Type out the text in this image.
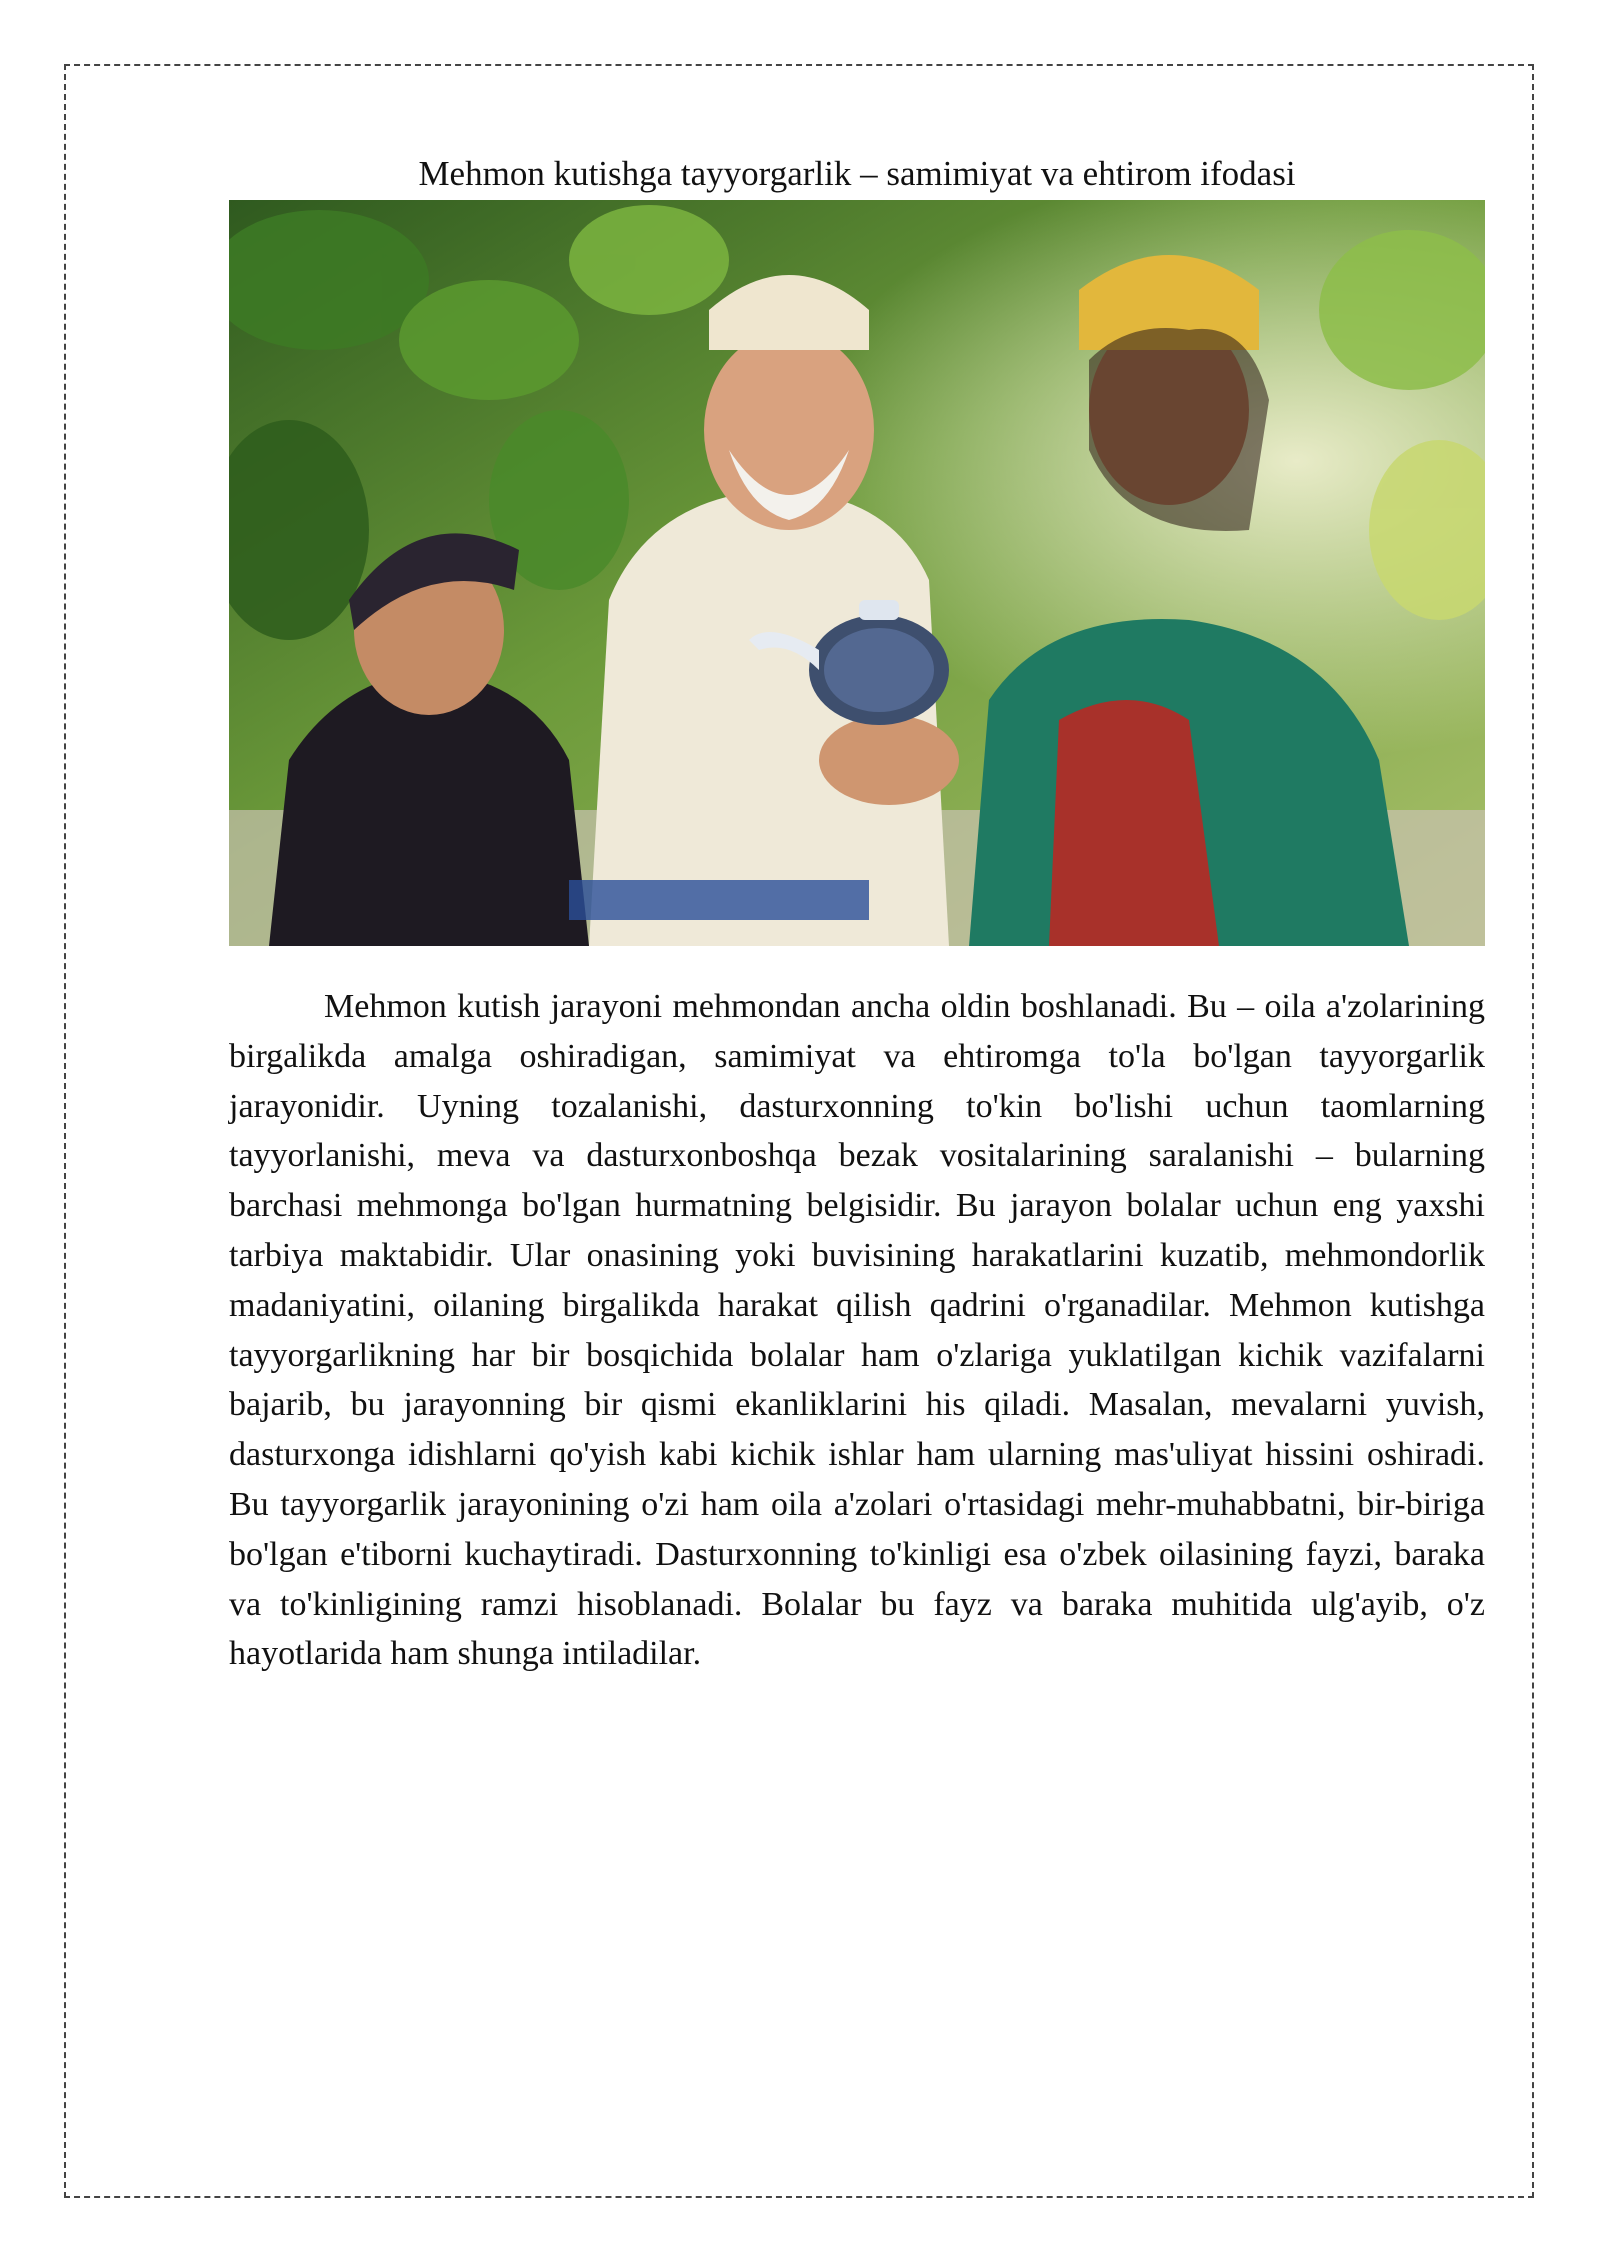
Mehmon kutishga tayyorgarlik – samimiyat va ehtirom ifodasi

Mehmon kutish jarayoni mehmondan ancha oldin boshlanadi. Bu – oila a'zolarining birgalikda amalga oshiradigan, samimiyat va ehtiromga to'la bo'lgan tayyorgarlik jarayonidir. Uyning tozalanishi, dasturxonning to'kin bo'lishi uchun taomlarning tayyorlanishi, meva va dasturxonboshqa bezak vositalarining saralanishi – bularning barchasi mehmonga bo'lgan hurmatning belgisidir. Bu jarayon bolalar uchun eng yaxshi tarbiya maktabidir. Ular onasining yoki buvisining harakatlarini kuzatib, mehmondorlik madaniyatini, oilaning birgalikda harakat qilish qadrini o'rganadilar. Mehmon kutishga tayyorgarlikning har bir bosqichida bolalar ham o'zlariga yuklatilgan kichik vazifalarni bajarib, bu jarayonning bir qismi ekanliklarini his qiladi. Masalan, mevalarni yuvish, dasturxonga idishlarni qo'yish kabi kichik ishlar ham ularning mas'uliyat hissini oshiradi. Bu tayyorgarlik jarayonining o'zi ham oila a'zolari o'rtasidagi mehr-muhabbatni, bir-biriga bo'lgan e'tiborni kuchaytiradi. Dasturxonning to'kinligi esa o'zbek oilasining fayzi, baraka va to'kinligining ramzi hisoblanadi. Bolalar bu fayz va baraka muhitida ulg'ayib, o'z hayotlarida ham shunga intiladilar.
